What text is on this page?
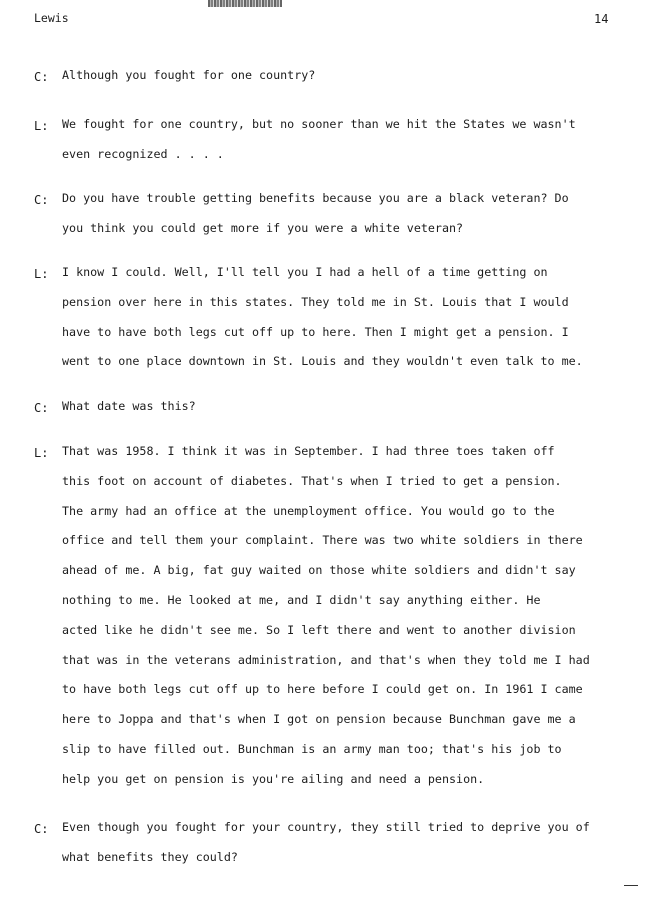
Lewis	14
C: Although you fought for one country?

L: We fought for one country, but no sooner than we hit the States we wasn't
even recognized . . . .

C: Do you have trouble getting benefits because you are a black veteran? Do
you think you could get more if you were a white veteran?

L: I know I could. Well, I'll tell you I had a hell of a time getting on
pension over here in this states. They told me in St. Louis that I would
have to have both legs cut off up to here. Then I might get a pension. I
went to one place downtown in St. Louis and they wouldn't even talk to me.

C: What date was this?

L: That was 1958. I think it was in September. I had three toes taken off
this foot on account of diabetes. That's when I tried to get a pension.
The army had an office at the unemployment office. You would go to the
office and tell them your complaint. There was two white soldiers in there
ahead of me. A big, fat guy waited on those white soldiers and didn't say
nothing to me. He looked at me, and I didn't say anything either. He
acted like he didn't see me. So I left there and went to another division
that was in the veterans administration, and that's when they told me I had
to have both legs cut off up to here before I could get on. In 1961 I came
here to Joppa and that's when I got on pension because Bunchman gave me a
slip to have filled out. Bunchman is an army man too; that's his job to
help you get on pension is you're ailing and need a pension.

C: Even though you fought for your country, they still tried to deprive you of
what benefits they could?
